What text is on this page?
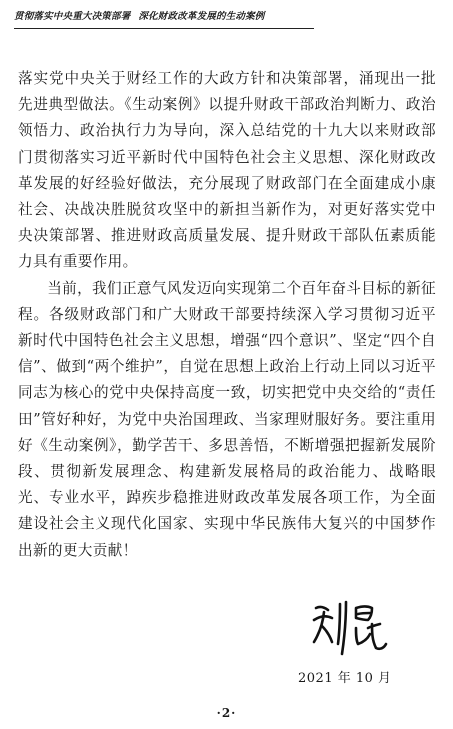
贯彻落实中央重大决策部署 深化财政改革发展的生动案例

落实党中央关于财经工作的大政方针和决策部署，涌现出一批先进典型做法。《生动案例》以提升财政干部政治判断力、政治领悟力、政治执行力为导向，深入总结党的十九大以来财政部门贯彻落实习近平新时代中国特色社会主义思想、深化财政改革发展的好经验好做法，充分展现了财政部门在全面建成小康社会、决战决胜脱贫攻坚中的新担当新作为，对更好落实党中央决策部署、推进财政高质量发展、提升财政干部队伍素质能力具有重要作用。

当前，我们正意气风发迈向实现第二个百年奋斗目标的新征程。各级财政部门和广大财政干部要持续深入学习贯彻习近平新时代中国特色社会主义思想，增强“四个意识”、坚定“四个自信”、做到“两个维护”，自觉在思想上政治上行动上同以习近平同志为核心的党中央保持高度一致，切实把党中央交给的“责任田”管好种好，为党中央治国理政、当家理财服好务。要注重用好《生动案例》，勤学苦干、多思善悟，不断增强把握新发展阶段、贯彻新发展理念、构建新发展格局的政治能力、战略眼光、专业水平，踔疾步稳推进财政改革发展各项工作，为全面建设社会主义现代化国家、实现中华民族伟大复兴的中国梦作出新的更大贡献！

2021 年 10 月
·2·
